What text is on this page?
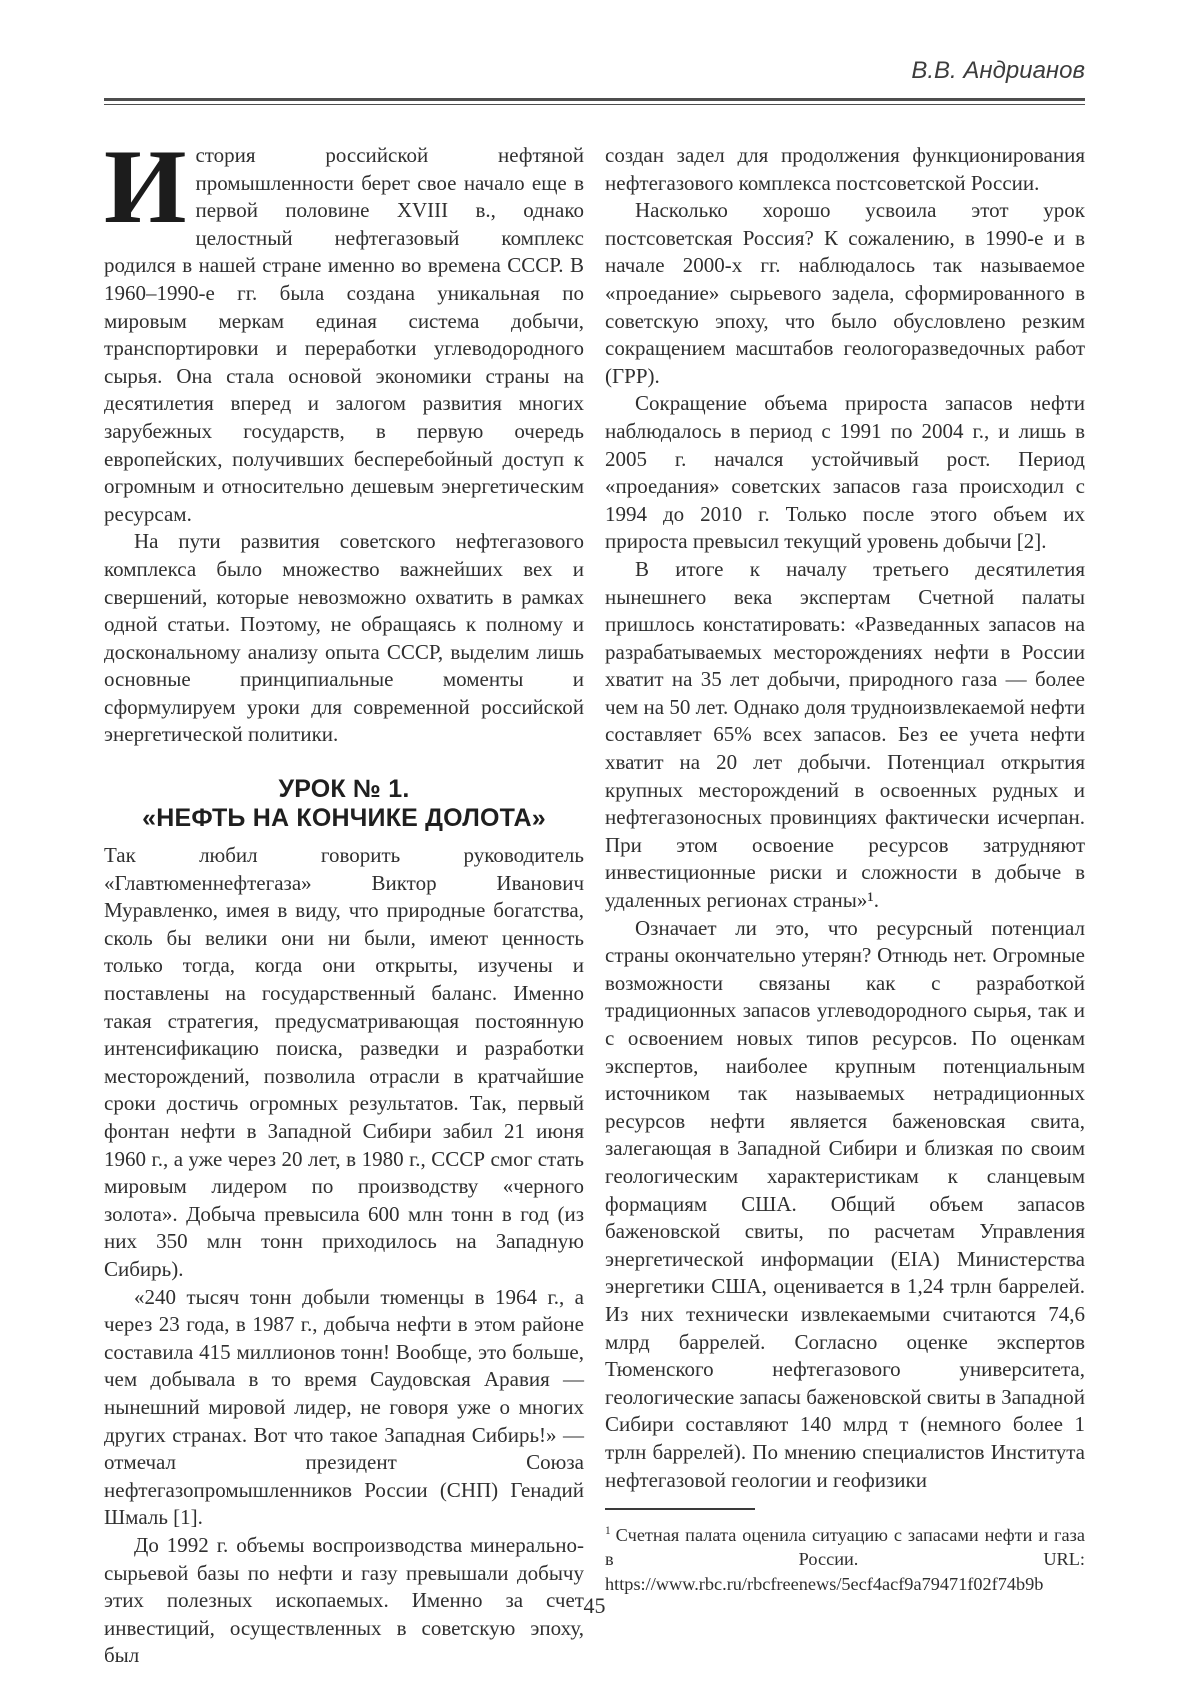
В.В. Андрианов

История российской нефтяной промышленности берет свое начало еще в первой половине XVIII в., однако целостный нефтегазовый комплекс родился в нашей стране именно во времена СССР. В 1960–1990-е гг. была создана уникальная по мировым меркам единая система добычи, транспортировки и переработки углеводородного сырья. Она стала основой экономики страны на десятилетия вперед и залогом развития многих зарубежных государств, в первую очередь европейских, получивших бесперебойный доступ к огромным и относительно дешевым энергетическим ресурсам.

На пути развития советского нефтегазового комплекса было множество важнейших вех и свершений, которые невозможно охватить в рамках одной статьи. Поэтому, не обращаясь к полному и доскональному анализу опыта СССР, выделим лишь основные принципиальные моменты и сформулируем уроки для современной российской энергетической политики.

УРОК № 1.
«НЕФТЬ НА КОНЧИКЕ ДОЛОТА»

Так любил говорить руководитель «Главтюменнефтегаза» Виктор Иванович Муравленко, имея в виду, что природные богатства, сколь бы велики они ни были, имеют ценность только тогда, когда они открыты, изучены и поставлены на государственный баланс. Именно такая стратегия, предусматривающая постоянную интенсификацию поиска, разведки и разработки месторождений, позволила отрасли в кратчайшие сроки достичь огромных результатов. Так, первый фонтан нефти в Западной Сибири забил 21 июня 1960 г., а уже через 20 лет, в 1980 г., СССР смог стать мировым лидером по производству «черного золота». Добыча превысила 600 млн тонн в год (из них 350 млн тонн приходилось на Западную Сибирь).

«240 тысяч тонн добыли тюменцы в 1964 г., а через 23 года, в 1987 г., добыча нефти в этом районе составила 415 миллионов тонн! Вообще, это больше, чем добывала в то время Саудовская Аравия — нынешний мировой лидер, не говоря уже о многих других странах. Вот что такое Западная Сибирь!» — отмечал президент Союза нефтегазопромышленников России (СНП) Генадий Шмаль [1].

До 1992 г. объемы воспроизводства минерально-сырьевой базы по нефти и газу превышали добычу этих полезных ископаемых. Именно за счет инвестиций, осуществленных в советскую эпоху, был

создан задел для продолжения функционирования нефтегазового комплекса постсоветской России.

Насколько хорошо усвоила этот урок постсоветская Россия? К сожалению, в 1990-е и в начале 2000-х гг. наблюдалось так называемое «проедание» сырьевого задела, сформированного в советскую эпоху, что было обусловлено резким сокращением масштабов геологоразведочных работ (ГРР).

Сокращение объема прироста запасов нефти наблюдалось в период с 1991 по 2004 г., и лишь в 2005 г. начался устойчивый рост. Период «проедания» советских запасов газа происходил с 1994 до 2010 г. Только после этого объем их прироста превысил текущий уровень добычи [2].

В итоге к началу третьего десятилетия нынешнего века экспертам Счетной палаты пришлось констатировать: «Разведанных запасов на разрабатываемых месторождениях нефти в России хватит на 35 лет добычи, природного газа — более чем на 50 лет. Однако доля трудноизвлекаемой нефти составляет 65% всех запасов. Без ее учета нефти хватит на 20 лет добычи. Потенциал открытия крупных месторождений в освоенных рудных и нефтегазоносных провинциях фактически исчерпан. При этом освоение ресурсов затрудняют инвестиционные риски и сложности в добыче в удаленных регионах страны»¹.

Означает ли это, что ресурсный потенциал страны окончательно утерян? Отнюдь нет. Огромные возможности связаны как с разработкой традиционных запасов углеводородного сырья, так и с освоением новых типов ресурсов. По оценкам экспертов, наиболее крупным потенциальным источником так называемых нетрадиционных ресурсов нефти является баженовская свита, залегающая в Западной Сибири и близкая по своим геологическим характеристикам к сланцевым формациям США. Общий объем запасов баженовской свиты, по расчетам Управления энергетической информации (EIA) Министерства энергетики США, оценивается в 1,24 трлн баррелей. Из них технически извлекаемыми считаются 74,6 млрд баррелей. Согласно оценке экспертов Тюменского нефтегазового университета, геологические запасы баженовской свиты в Западной Сибири составляют 140 млрд т (немного более 1 трлн баррелей). По мнению специалистов Института нефтегазовой геологии и геофизики

$^1$ Счетная палата оценила ситуацию с запасами нефти и газа в России. URL: https://www.rbc.ru/rbcfreenews/5ecf4acf9a79471f02f74b9b
45
